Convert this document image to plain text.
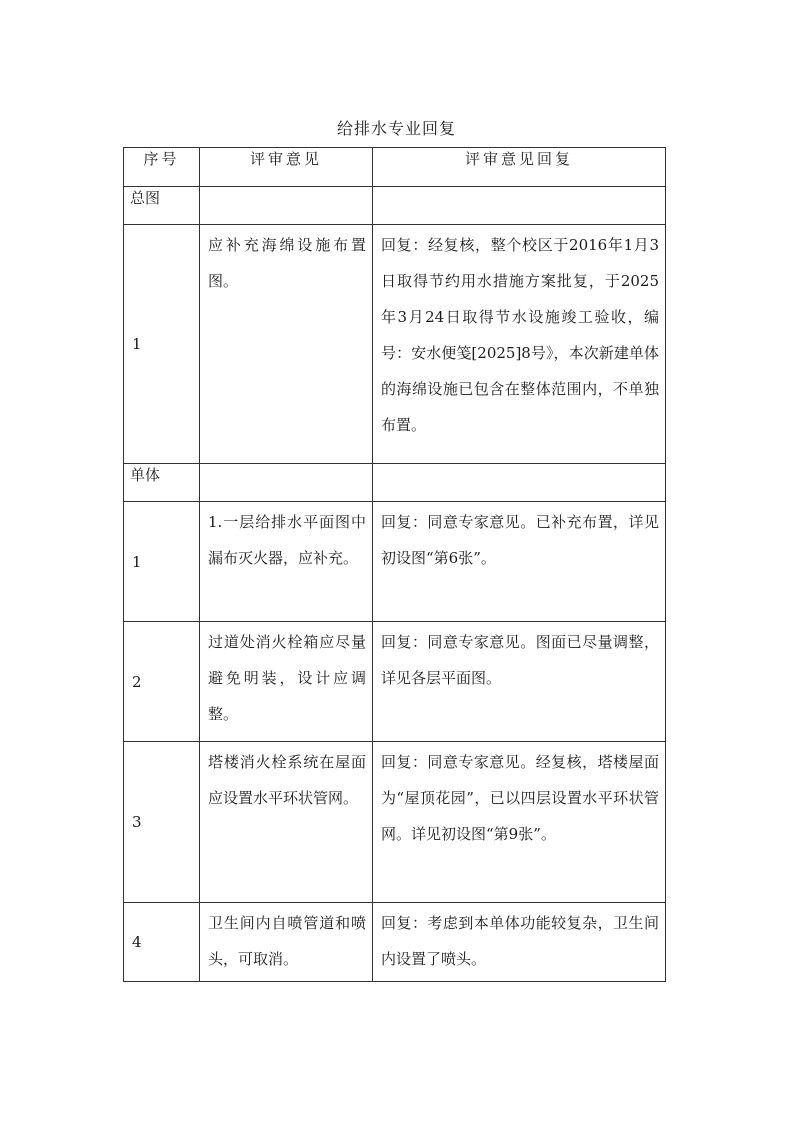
给排水专业回复
序号	评审意见	评审意见回复
总图		
1	应补充海绵设施布置图。	回复：经复核，整个校区于2016年1月3日取得节约用水措施方案批复，于2025年3月24日取得节水设施竣工验收，编号：安水便笺[2025]8号》，本次新建单体的海绵设施已包含在整体范围内，不单独布置。

单体		
1	1.一层给排水平面图中漏布灭火器，应补充。	回复：同意专家意见。已补充布置，详见初设图“第6张”。

2	过道处消火栓箱应尽量避免明装，设计应调整。	回复：同意专家意见。图面已尽量调整，详见各层平面图。

3	塔楼消火栓系统在屋面应设置水平环状管网。	回复：同意专家意见。经复核，塔楼屋面为“屋顶花园”，已以四层设置水平环状管网。详见初设图“第9张”。

4	卫生间内自喷管道和喷头，可取消。	回复：考虑到本单体功能较复杂，卫生间内设置了喷头。
